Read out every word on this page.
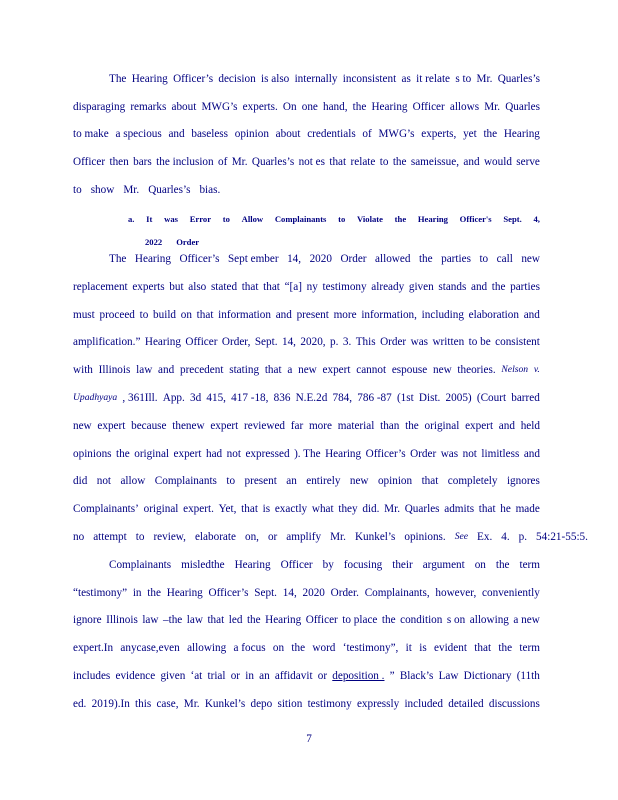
The Hearing Officer’s decision is also internally inconsistent as it relate s to Mr. Quarles’s

disparaging remarks about MWG’s experts. On one hand, the Hearing Officer allows Mr. Quarles

to make a specious and baseless opinion about credentials of MWG’s experts, yet the Hearing

Officer then bars the inclusion of Mr. Quarles’s not es that relate to the sameissue, and would serve

to show Mr. Quarles’s bias.

a. It was Error to Allow Complainants to Violate the Hearing Officer's Sept. 4,

2022 Order

The Hearing Officer’s Sept ember 14, 2020 Order allowed the parties to call new

replacement experts but also stated that that “[a] ny testimony already given stands and the parties

must proceed to build on that information and present more information, including elaboration and

amplification.” Hearing Officer Order, Sept. 14, 2020, p. 3. This Order was written to be consistent

with Illinois law and precedent stating that a new expert cannot espouse new theories. Nelson v.

Upadhyaya , 361Ill. App. 3d 415, 417 -18, 836 N.E.2d 784, 786 -87 (1st Dist. 2005) (Court barred

new expert because thenew expert reviewed far more material than the original expert and held

opinions the original expert had not expressed ). The Hearing Officer’s Order was not limitless and

did not allow Complainants to present an entirely new opinion that completely ignores

Complainants’ original expert. Yet, that is exactly what they did. Mr. Quarles admits that he made

no attempt to review, elaborate on, or amplify Mr. Kunkel’s opinions. See Ex. 4. p. 54:21-55:5.

Complainants misledthe Hearing Officer by focusing their argument on the term

“testimony” in the Hearing Officer’s Sept. 14, 2020 Order. Complainants, however, conveniently

ignore Illinois law –the law that led the Hearing Officer to place the condition s on allowing a new

expert.In anycase,even allowing a focus on the word ‘testimony”, it is evident that the term

includes evidence given ‘at trial or in an affidavit or deposition . ” Black’s Law Dictionary (11th

ed. 2019).In this case, Mr. Kunkel’s depo sition testimony expressly included detailed discussions

7
